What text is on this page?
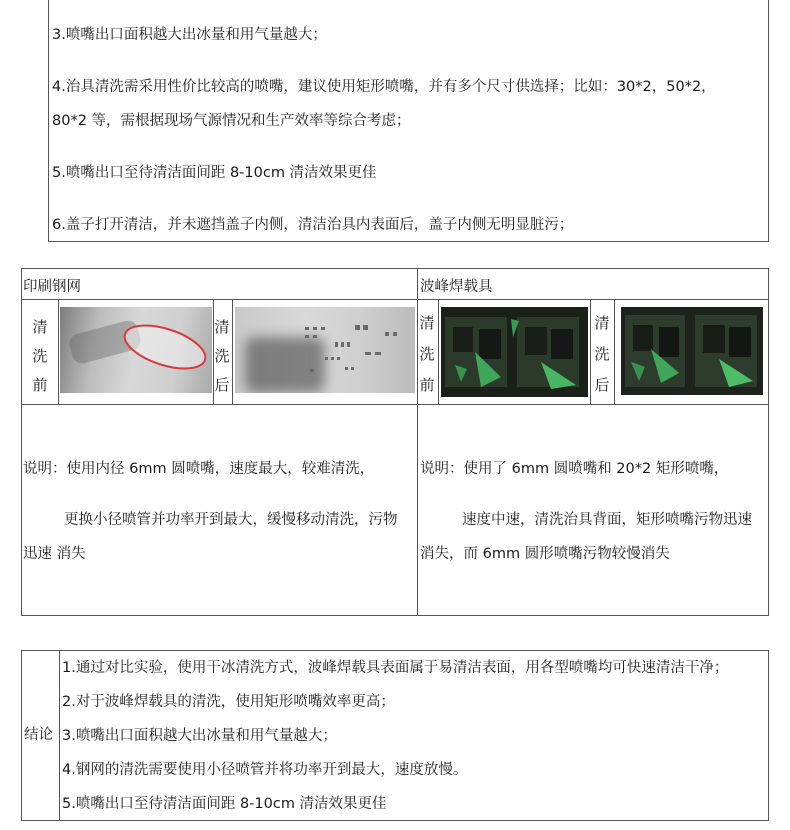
3.喷嘴出口面积越大出冰量和用气量越大；
4.治具清洗需采用性价比较高的喷嘴，建议使用矩形喷嘴，并有多个尺寸供选择；比如：30*2，50*2，
80*2 等，需根据现场气源情况和生产效率等综合考虑；
5.喷嘴出口至待清洁面间距 8-10cm 清洁效果更佳
6.盖子打开清洁，并未遮挡盖子内侧，清洁治具内表面后，盖子内侧无明显脏污；
印刷钢网	波峰焊载具
清
洗
前
清
洗
后
清
洗
前
清
洗
后
说明：使用内径 6mm 圆喷嘴，速度最大，较难清洗，
更换小径喷管并功率开到最大，缓慢移动清洗，污物
迅速 消失
说明：使用了 6mm 圆喷嘴和 20*2 矩形喷嘴，
速度中速，清洗治具背面，矩形喷嘴污物迅速
消失，而 6mm 圆形喷嘴污物较慢消失
结论
1.通过对比实验，使用干冰清洗方式，波峰焊载具表面属于易清洁表面，用各型喷嘴均可快速清洁干净；
2.对于波峰焊载具的清洗，使用矩形喷嘴效率更高；
3.喷嘴出口面积越大出冰量和用气量越大；
4.钢网的清洗需要使用小径喷管并将功率开到最大，速度放慢。
5.喷嘴出口至待清洁面间距 8-10cm 清洁效果更佳
